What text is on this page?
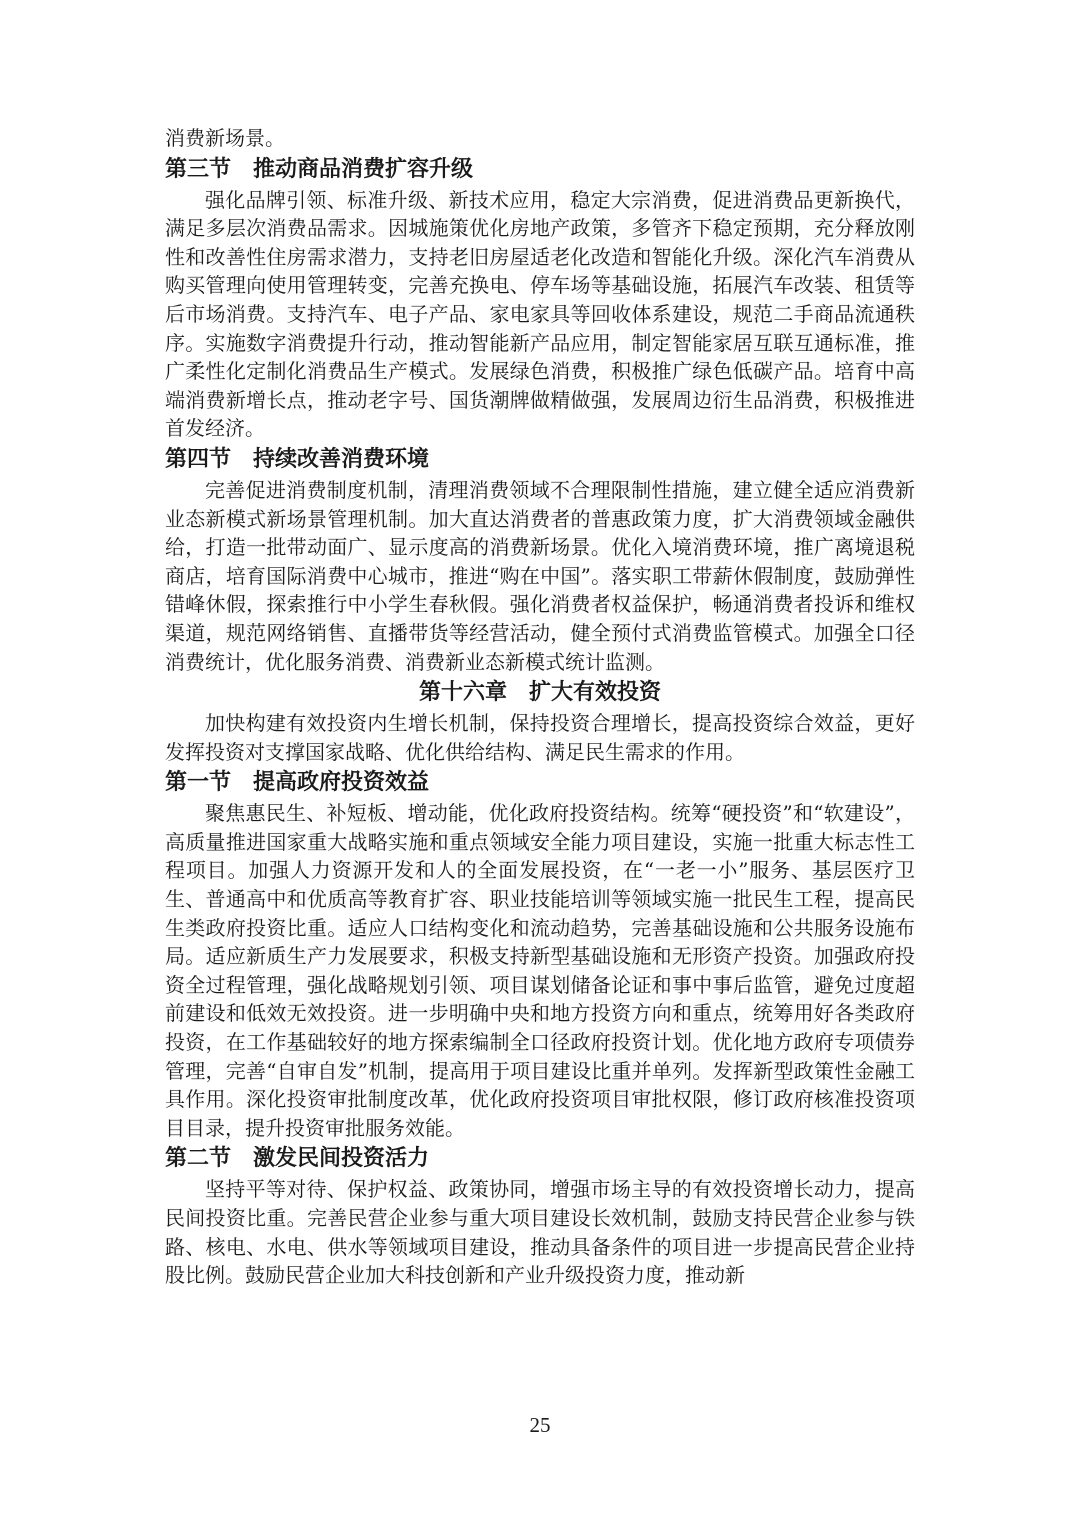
消费新场景。

第三节　推动商品消费扩容升级

强化品牌引领、标准升级、新技术应用，稳定大宗消费，促进消费品更新换代，满足多层次消费品需求。因城施策优化房地产政策，多管齐下稳定预期，充分释放刚性和改善性住房需求潜力，支持老旧房屋适老化改造和智能化升级。深化汽车消费从购买管理向使用管理转变，完善充换电、停车场等基础设施，拓展汽车改装、租赁等后市场消费。支持汽车、电子产品、家电家具等回收体系建设，规范二手商品流通秩序。实施数字消费提升行动，推动智能新产品应用，制定智能家居互联互通标准，推广柔性化定制化消费品生产模式。发展绿色消费，积极推广绿色低碳产品。培育中高端消费新增长点，推动老字号、国货潮牌做精做强，发展周边衍生品消费，积极推进首发经济。

第四节　持续改善消费环境

完善促进消费制度机制，清理消费领域不合理限制性措施，建立健全适应消费新业态新模式新场景管理机制。加大直达消费者的普惠政策力度，扩大消费领域金融供给，打造一批带动面广、显示度高的消费新场景。优化入境消费环境，推广离境退税商店，培育国际消费中心城市，推进“购在中国”。落实职工带薪休假制度，鼓励弹性错峰休假，探索推行中小学生春秋假。强化消费者权益保护，畅通消费者投诉和维权渠道，规范网络销售、直播带货等经营活动，健全预付式消费监管模式。加强全口径消费统计，优化服务消费、消费新业态新模式统计监测。

第十六章　扩大有效投资

加快构建有效投资内生增长机制，保持投资合理增长，提高投资综合效益，更好发挥投资对支撑国家战略、优化供给结构、满足民生需求的作用。

第一节　提高政府投资效益

聚焦惠民生、补短板、增动能，优化政府投资结构。统筹“硬投资”和“软建设”，高质量推进国家重大战略实施和重点领域安全能力项目建设，实施一批重大标志性工程项目。加强人力资源开发和人的全面发展投资，在“一老一小”服务、基层医疗卫生、普通高中和优质高等教育扩容、职业技能培训等领域实施一批民生工程，提高民生类政府投资比重。适应人口结构变化和流动趋势，完善基础设施和公共服务设施布局。适应新质生产力发展要求，积极支持新型基础设施和无形资产投资。加强政府投资全过程管理，强化战略规划引领、项目谋划储备论证和事中事后监管，避免过度超前建设和低效无效投资。进一步明确中央和地方投资方向和重点，统筹用好各类政府投资，在工作基础较好的地方探索编制全口径政府投资计划。优化地方政府专项债券管理，完善“自审自发”机制，提高用于项目建设比重并单列。发挥新型政策性金融工具作用。深化投资审批制度改革，优化政府投资项目审批权限，修订政府核准投资项目目录，提升投资审批服务效能。

第二节　激发民间投资活力

坚持平等对待、保护权益、政策协同，增强市场主导的有效投资增长动力，提高民间投资比重。完善民营企业参与重大项目建设长效机制，鼓励支持民营企业参与铁路、核电、水电、供水等领域项目建设，推动具备条件的项目进一步提高民营企业持股比例。鼓励民营企业加大科技创新和产业升级投资力度，推动新

25
